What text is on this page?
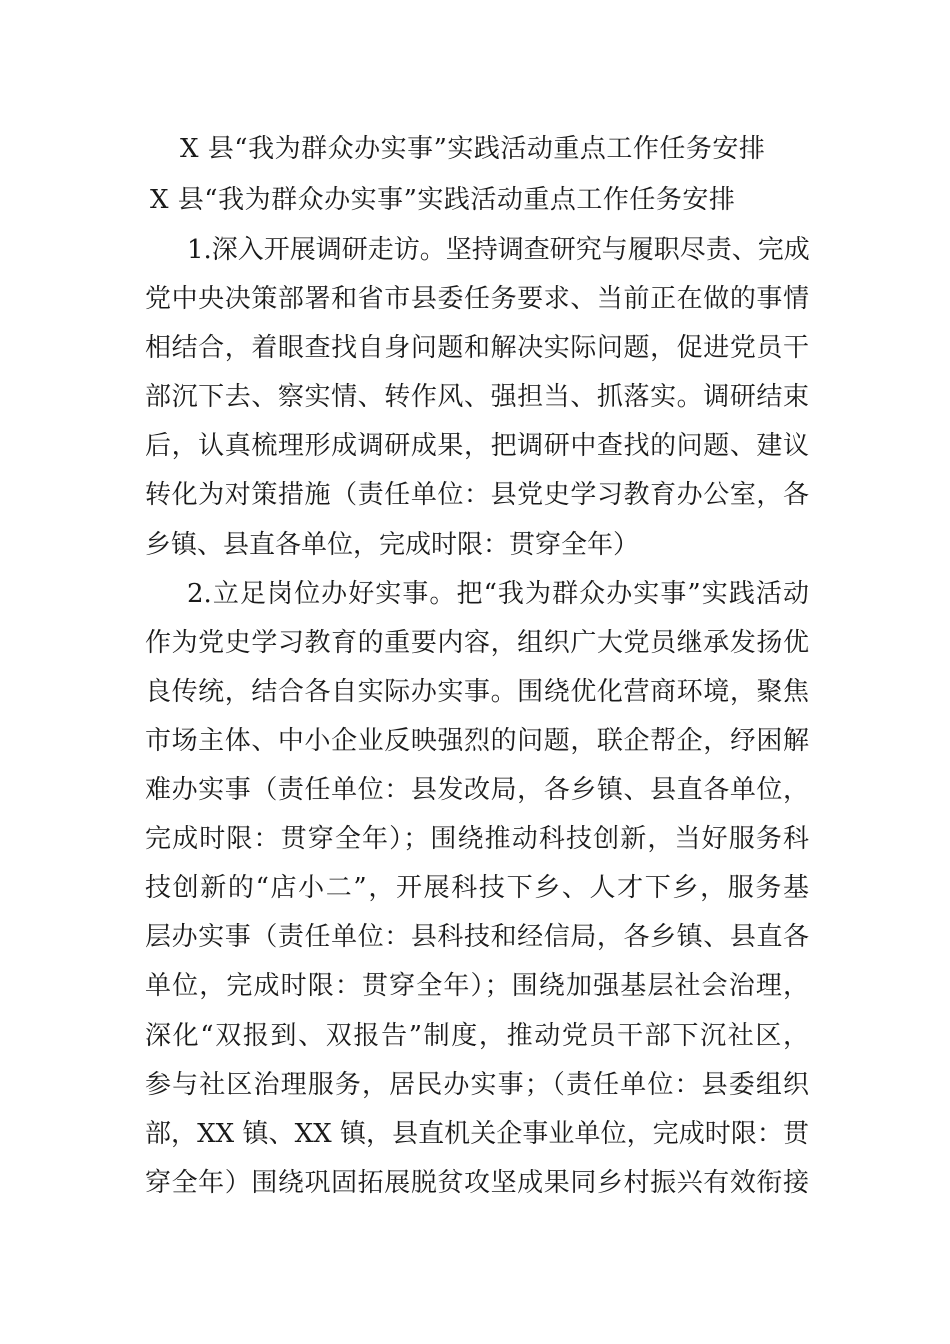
X 县“我为群众办实事”实践活动重点工作任务安排
X 县“我为群众办实事”实践活动重点工作任务安排
1.深入开展调研走访。坚持调查研究与履职尽责、完成
党中央决策部署和省市县委任务要求、当前正在做的事情
相结合，着眼查找自身问题和解决实际问题，促进党员干
部沉下去、察实情、转作风、强担当、抓落实。调研结束
后，认真梳理形成调研成果，把调研中查找的问题、建议
转化为对策措施（责任单位：县党史学习教育办公室，各
乡镇、县直各单位，完成时限：贯穿全年）
2.立足岗位办好实事。把“我为群众办实事”实践活动
作为党史学习教育的重要内容，组织广大党员继承发扬优
良传统，结合各自实际办实事。围绕优化营商环境，聚焦
市场主体、中小企业反映强烈的问题，联企帮企，纾困解
难办实事（责任单位：县发改局，各乡镇、县直各单位，
完成时限：贯穿全年）；围绕推动科技创新，当好服务科
技创新的“店小二”，开展科技下乡、人才下乡，服务基
层办实事（责任单位：县科技和经信局，各乡镇、县直各
单位，完成时限：贯穿全年）；围绕加强基层社会治理，
深化“双报到、双报告”制度，推动党员干部下沉社区，
参与社区治理服务，居民办实事；（责任单位：县委组织
部，XX 镇、XX 镇，县直机关企事业单位，完成时限：贯
穿全年）围绕巩固拓展脱贫攻坚成果同乡村振兴有效衔接
